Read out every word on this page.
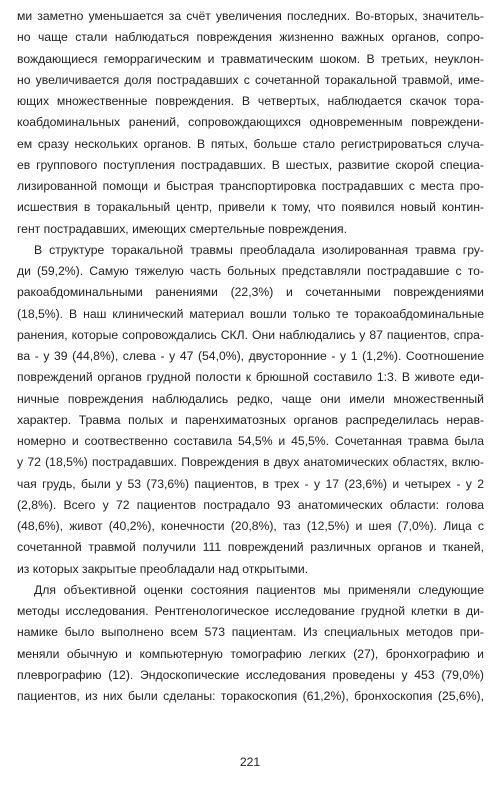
ми заметно уменьшается за счёт увеличения последних. Во-вторых, значитель-
но чаще стали наблюдаться повреждения жизненно важных органов, сопро-
вождающиеся геморрагическим и травматическим шоком. В третьих, неуклон-
но увеличивается доля пострадавших с сочетанной торакальной травмой, име-
ющих множественные повреждения. В четвертых, наблюдается скачок тора-
коабдоминальных ранений, сопровождающихся одновременным повреждени-
ем сразу нескольких органов. В пятых, больше стало регистрироваться случа-
ев группового поступления пострадавших. В шестых, развитие скорой специа-
лизированной помощи и быстрая транспортировка пострадавших с места про-
исшествия в торакальный центр, привели к тому, что появился новый контин-
гент пострадавших, имеющих смертельные повреждения.
В структуре торакальной травмы преобладала изолированная травма гру-
ди (59,2%). Самую тяжелую часть больных представляли пострадавшие с то-
ракоабдоминальными ранениями (22,3%) и сочетанными повреждениями
(18,5%). В наш клинический материал вошли только те торакоабдоминальные
ранения, которые сопровождались СКЛ. Они наблюдались у 87 пациентов, спра-
ва - у 39 (44,8%), слева - у 47 (54,0%), двусторонние - у 1 (1,2%). Соотношение
повреждений органов грудной полости к брюшной составило 1:3. В животе еди-
ничные повреждения наблюдались редко, чаще они имели множественный
характер. Травма полых и паренхиматозных органов распределилась нерав-
номерно и соотвественно составила 54,5% и 45,5%. Сочетанная травма была
у 72 (18,5%) пострадавших. Повреждения в двух анатомических областях, вклю-
чая грудь, были у 53 (73,6%) пациентов, в трех - у 17 (23,6%) и четырех - у 2
(2,8%). Всего у 72 пациентов пострадало 93 анатомических области: голова
(48,6%), живот (40,2%), конечности (20,8%), таз (12,5%) и шея (7,0%). Лица с
сочетанной травмой получили 111 повреждений различных органов и тканей,
из которых закрытые преобладали над открытыми.
Для объективной оценки состояния пациентов мы применяли следующие
методы исследования. Рентгенологическое исследование грудной клетки в ди-
намике было выполнено всем 573 пациентам. Из специальных методов при-
меняли обычную и компьютерную томографию легких (27), бронхографию и
плеврографию (12). Эндоскопические исследования проведены у 453 (79,0%)
пациентов, из них были сделаны: торакоскопия (61,2%), бронхоскопия (25,6%),
221
